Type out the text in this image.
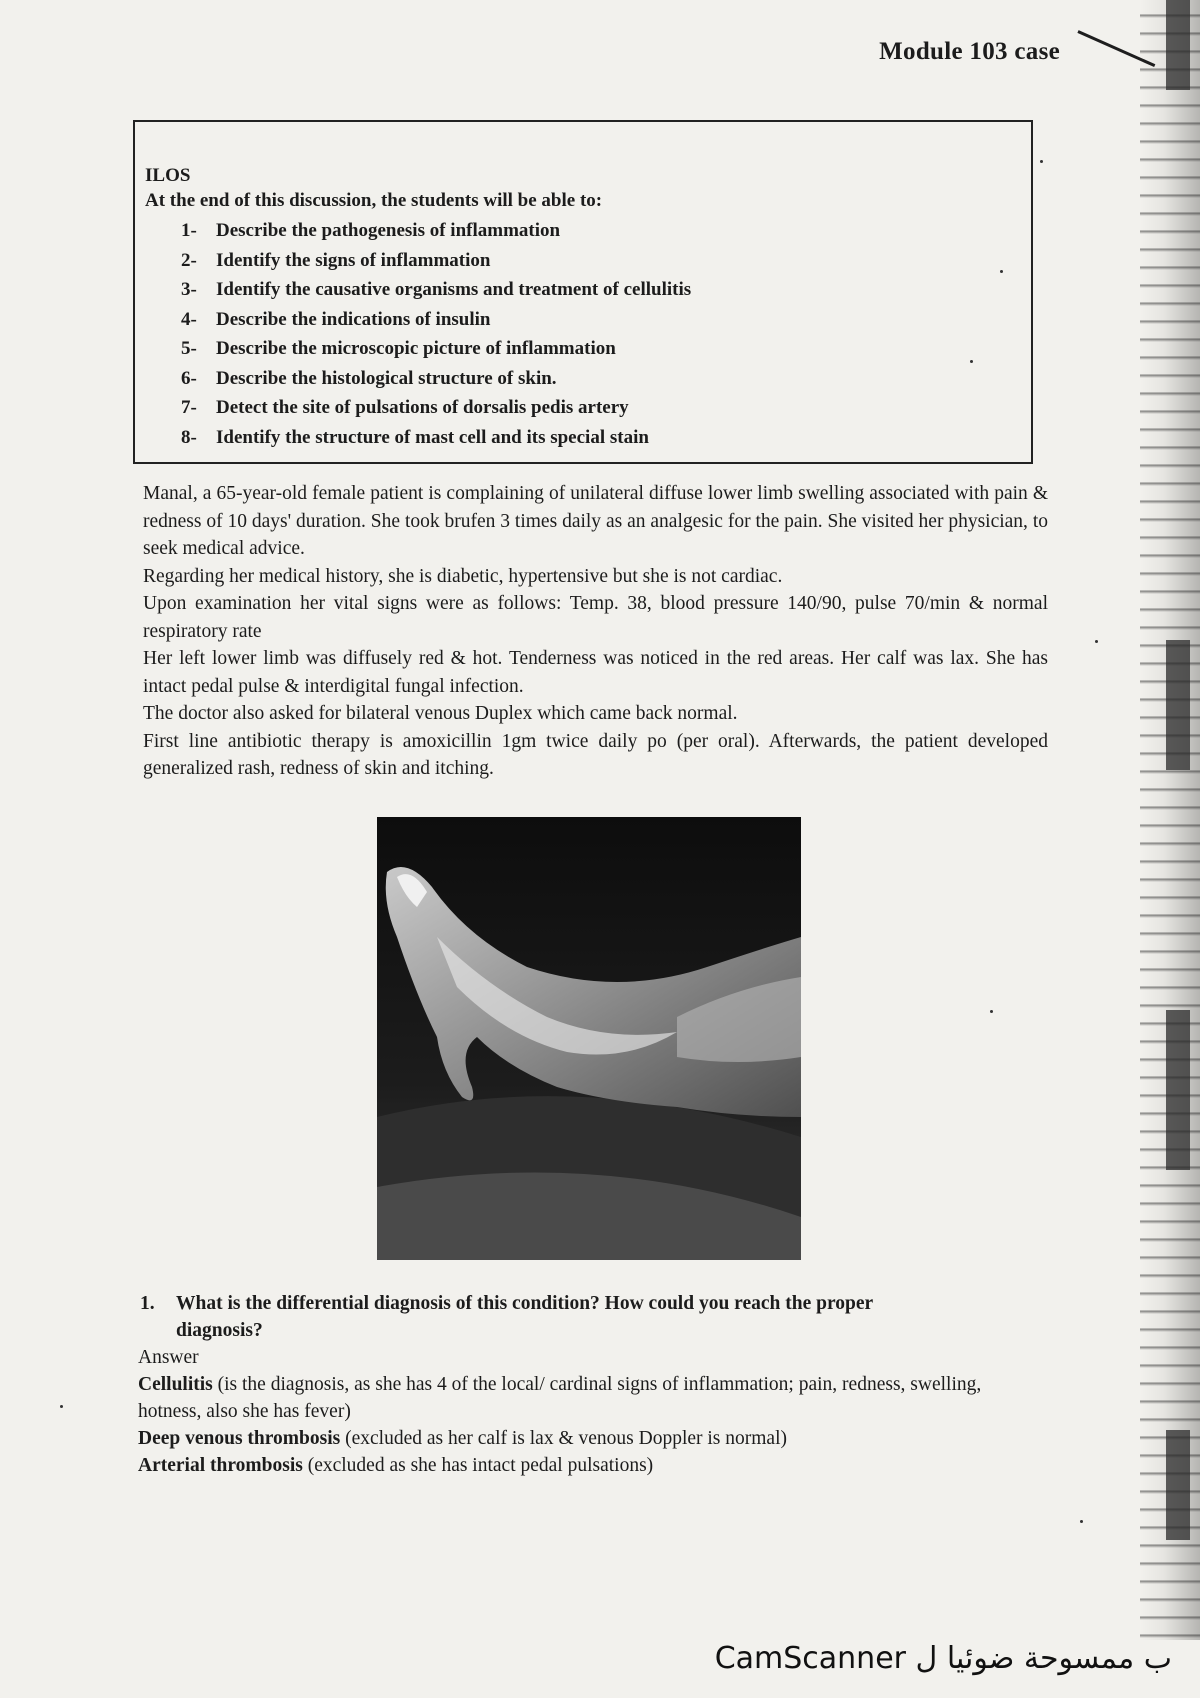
Module 103 case
ILOS
At the end of this discussion, the students will be able to:
1- Describe the pathogenesis of inflammation
2- Identify the signs of inflammation
3- Identify the causative organisms and treatment of cellulitis
4- Describe the indications of insulin
5- Describe the microscopic picture of inflammation
6- Describe the histological structure of skin.
7- Detect the site of pulsations of dorsalis pedis artery
8- Identify the structure of mast cell and its special stain

Manal, a 65-year-old female patient is complaining of unilateral diffuse lower limb swelling associated with pain & redness of 10 days' duration. She took brufen 3 times daily as an analgesic for the pain. She visited her physician, to seek medical advice.

Regarding her medical history, she is diabetic, hypertensive but she is not cardiac.

Upon examination her vital signs were as follows: Temp. 38, blood pressure 140/90, pulse 70/min & normal respiratory rate

Her left lower limb was diffusely red & hot. Tenderness was noticed in the red areas. Her calf was lax. She has intact pedal pulse & interdigital fungal infection.

The doctor also asked for bilateral venous Duplex which came back normal.

First line antibiotic therapy is amoxicillin 1gm twice daily po (per oral). Afterwards, the patient developed generalized rash, redness of skin and itching.

1. What is the differential diagnosis of this condition? How could you reach the proper
diagnosis?

Answer

Cellulitis (is the diagnosis, as she has 4 of the local/ cardinal signs of inflammation; pain, redness, swelling, hotness, also she has fever)

Deep venous thrombosis (excluded as her calf is lax & venous Doppler is normal)

Arterial thrombosis (excluded as she has intact pedal pulsations)

CamScanner ب ممسوحة ضوئيا ل
